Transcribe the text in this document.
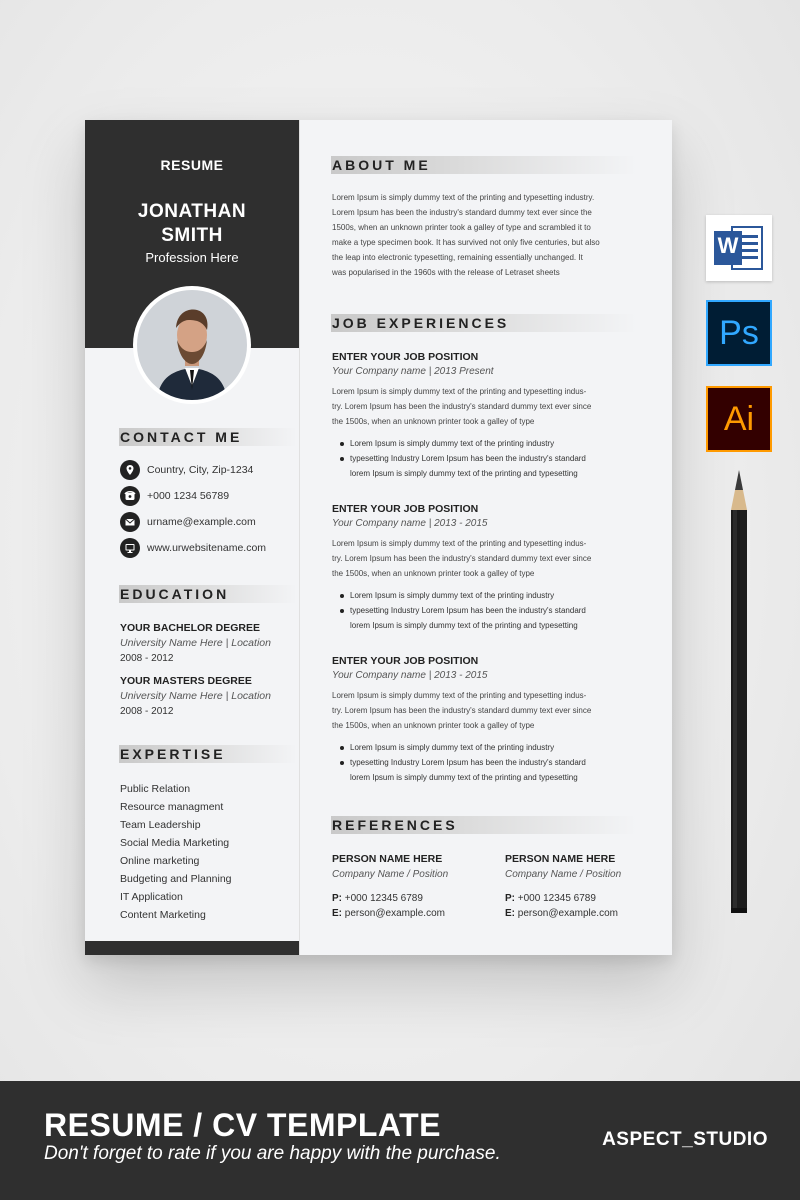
RESUME
JONATHAN
SMITH
Profession Here
CONTACT ME
Country, City, Zip-1234
+000 1234 56789
urname@example.com
www.urwebsitename.com
EDUCATION
YOUR BACHELOR DEGREE
University Name Here | Location
2008 - 2012
YOUR MASTERS DEGREE
University Name Here | Location
2008 - 2012
EXPERTISE
Public Relation
Resource managment
Team Leadership
Social Media Marketing
Online marketing
Budgeting and Planning
IT Application
Content Marketing
ABOUT ME
Lorem Ipsum is simply dummy text of the printing and typesetting industry.
Lorem Ipsum has been the industry's standard dummy text ever since the
1500s, when an unknown printer took a galley of type and scrambled it to
make a type specimen book. It has survived not only five centuries, but also
the leap into electronic typesetting, remaining essentially unchanged. It
was popularised in the 1960s with the release of Letraset sheets
JOB EXPERIENCES
ENTER YOUR JOB POSITION
Your Company name | 2013 Present
Lorem Ipsum is simply dummy text of the printing and typesetting indus-
try. Lorem Ipsum has been the industry's standard dummy text ever since
the 1500s, when an unknown printer took a galley of type
Lorem Ipsum is simply dummy text of the printing industry
typesetting Industry Lorem Ipsum has been the industry's standard
lorem Ipsum is simply dummy text of the printing and typesetting
ENTER YOUR JOB POSITION
Your Company name | 2013 - 2015
Lorem Ipsum is simply dummy text of the printing and typesetting indus-
try. Lorem Ipsum has been the industry's standard dummy text ever since
the 1500s, when an unknown printer took a galley of type
Lorem Ipsum is simply dummy text of the printing industry
typesetting Industry Lorem Ipsum has been the industry's standard
lorem Ipsum is simply dummy text of the printing and typesetting
ENTER YOUR JOB POSITION
Your Company name | 2013 - 2015
Lorem Ipsum is simply dummy text of the printing and typesetting indus-
try. Lorem Ipsum has been the industry's standard dummy text ever since
the 1500s, when an unknown printer took a galley of type
Lorem Ipsum is simply dummy text of the printing industry
typesetting Industry Lorem Ipsum has been the industry's standard
lorem Ipsum is simply dummy text of the printing and typesetting
REFERENCES
PERSON NAME HERE
Company Name / Position
P: +000 12345 6789
E: person@example.com
PERSON NAME HERE
Company Name / Position
P: +000 12345 6789
E: person@example.com
W
Ps
Ai
RESUME / CV TEMPLATE
Don't forget to rate if you are happy with the purchase.
ASPECT_STUDIO
